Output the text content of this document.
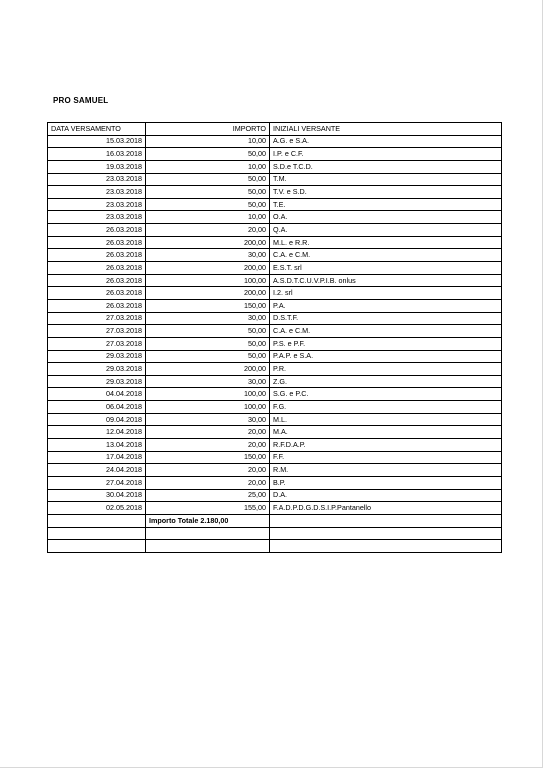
PRO SAMUEL
DATA VERSAMENTO	IMPORTO	INIZIALI VERSANTE
15.03.2018	10,00	A.G. e S.A.
16.03.2018	50,00	I.P. e C.F.
19.03.2018	10,00	S.D.e T.C.D.
23.03.2018	50,00	T.M.
23.03.2018	50,00	T.V. e S.D.
23.03.2018	50,00	T.E.
23.03.2018	10,00	O.A.
26.03.2018	20,00	Q.A.
26.03.2018	200,00	M.L. e R.R.
26.03.2018	30,00	C.A. e C.M.
26.03.2018	200,00	E.S.T. srl
26.03.2018	100,00	A.S.D.T.C.U.V.P.I.B. onlus
26.03.2018	200,00	I.2. srl
26.03.2018	150,00	P.A.
27.03.2018	30,00	D.S.T.F.
27.03.2018	50,00	C.A. e C.M.
27.03.2018	50,00	P.S. e P.F.
29.03.2018	50,00	P.A.P. e S.A.
29.03.2018	200,00	P.R.
29.03.2018	30,00	Z.G.
04.04.2018	100,00	S.G. e P.C.
06.04.2018	100,00	F.G.
09.04.2018	30,00	M.L.
12.04.2018	20,00	M.A.
13.04.2018	20,00	R.F.D.A.P.
17.04.2018	150,00	F.F.
24.04.2018	20,00	R.M.
27.04.2018	20,00	B.P.
30.04.2018	25,00	D.A.
02.05.2018	155,00	F.A.D.P.D.G.D.S.I.P.Pantanello
	Importo Totale 2.180,00	
